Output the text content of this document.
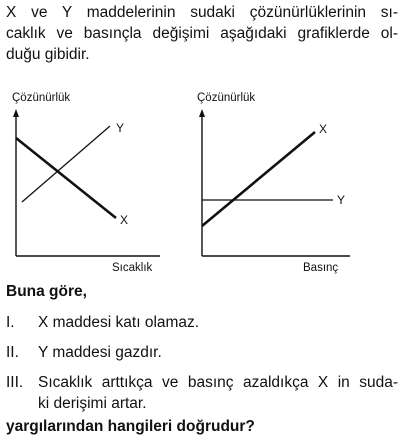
X ve Y maddelerinin sudaki çözünürlüklerinin sı-
caklık ve basınçla değişimi aşağıdaki grafiklerde ol-
duğu gibidir.
Çözünürlük
Y
X
Sıcaklık
Çözünürlük
X
Y
Basınç

Buna göre,

I.	X maddesi katı olamaz.
II.	Y maddesi gazdır.
III. Sıcaklık arttıkça ve basınç azaldıkça X in suda-
ki derişimi artar.

yargılarından hangileri doğrudur?
